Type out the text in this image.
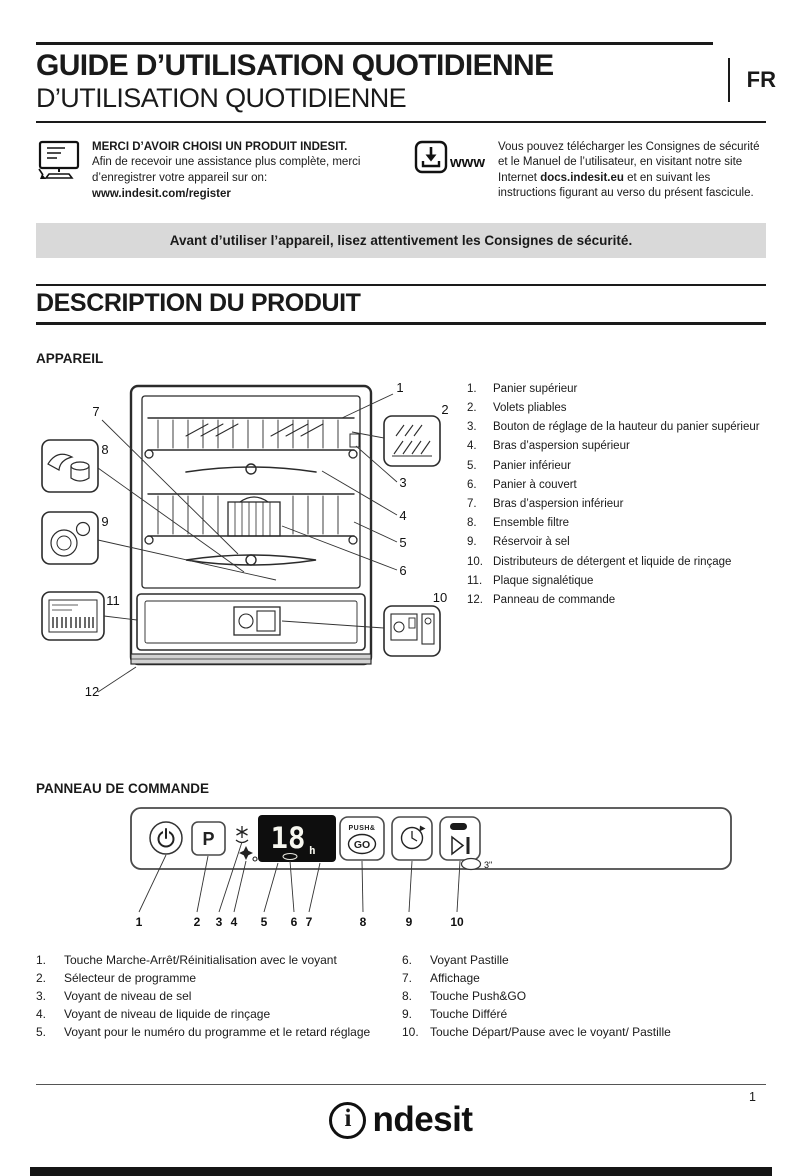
FR
GUIDE D’UTILISATION QUOTIDIENNE
D’UTILISATION QUOTIDIENNE
MERCI D’AVOIR CHOISI UN PRODUIT INDESIT.
Afin de recevoir une assistance plus complète, merci d’enregistrer votre appareil sur on:
www.indesit.com/register
www

Vous pouvez télécharger les Consignes de sécurité et le Manuel de l’utilisateur, en visitant notre site Internet docs.indesit.eu et en suivant les instructions figurant au verso du présent fascicule.

Avant d’utiliser l’appareil, lisez attentivement les Consignes de sécurité.
DESCRIPTION DU PRODUIT
APPAREIL
1
2
3
4
5
6
7
8
9
10
11
12
1.	Panier supérieur
2.	Volets pliables
3.	Bouton de réglage de la hauteur du panier supérieur
4.	Bras d’aspersion supérieur
5.	Panier inférieur
6.	Panier à couvert
7.	Bras d’aspersion inférieur
8.	Ensemble filtre
9.	Réservoir à sel
10. Distributeurs de détergent et liquide de rinçage
11. Plaque signalétique
12. Panneau de commande
PANNEAU DE COMMANDE
P 18 h
PUSH&
GO
3"
1	2 3 4 5 6 7	8	9	10
1.	Touche Marche-Arrêt/Réinitialisation avec le voyant
2.	Sélecteur de programme
3.	Voyant de niveau de sel
4.	Voyant de niveau de liquide de rinçage
5.	Voyant pour le numéro du programme et le retard réglage
6.	Voyant Pastille
7.	Affichage
8.	Touche Push&GO
9.	Touche Différé
10. Touche Départ/Pause avec le voyant/ Pastille
1
i ndesit
